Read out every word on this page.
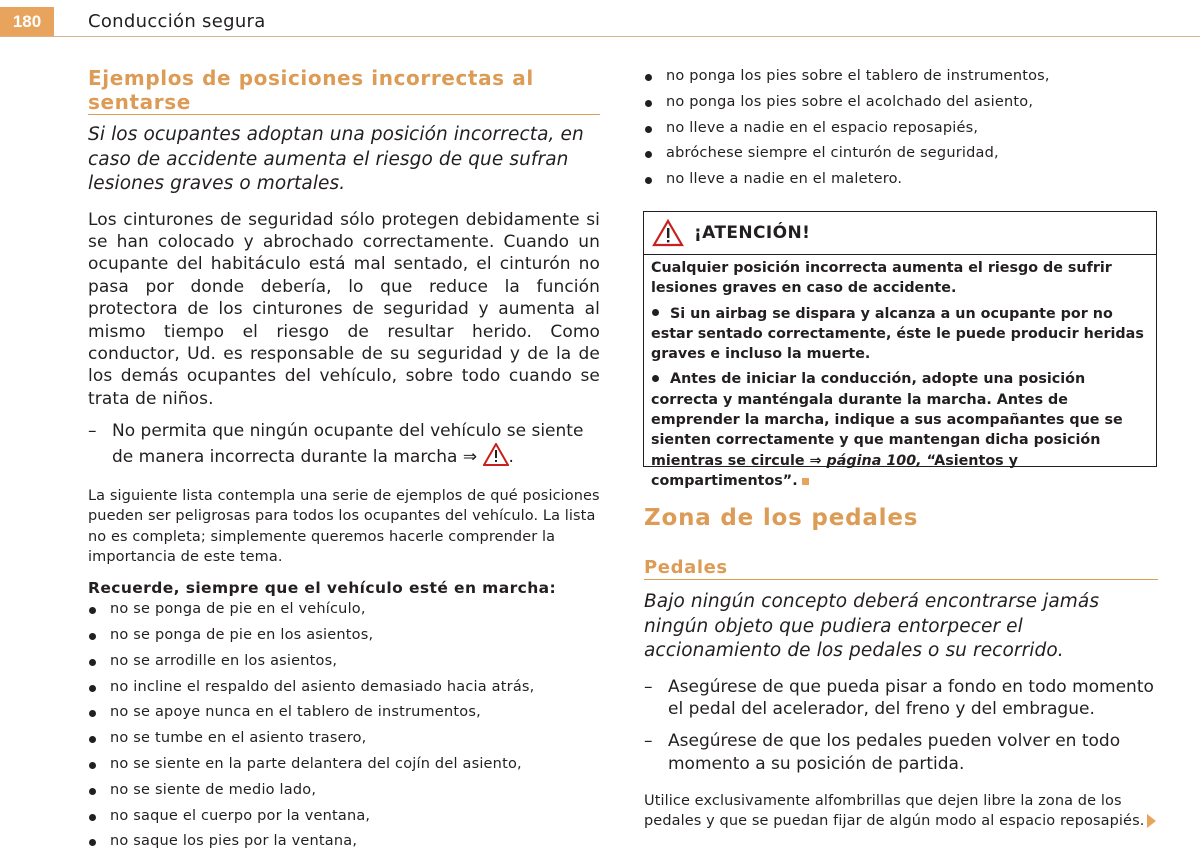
180	Conducción segura
Ejemplos de posiciones incorrectas al sentarse

Si los ocupantes adoptan una posición incorrecta, en caso de accidente aumenta el riesgo de que sufran lesiones graves o mortales.

Los cinturones de seguridad sólo protegen debidamente si se han colocado y abrochado correctamente. Cuando un ocupante del habitáculo está mal sentado, el cinturón no pasa por donde debería, lo que reduce la función protectora de los cinturones de seguridad y aumenta al mismo tiempo el riesgo de resultar herido. Como conductor, Ud. es responsable de su seguridad y de la de los demás ocupantes del vehículo, sobre todo cuando se trata de niños.

– No permita que ningún ocupante del vehículo se siente de manera incorrecta durante la marcha ⇒ .

La siguiente lista contempla una serie de ejemplos de qué posiciones pueden ser peligrosas para todos los ocupantes del vehículo. La lista no es completa; simplemente queremos hacerle comprender la importancia de este tema.

Recuerde, siempre que el vehículo esté en marcha:

no se ponga de pie en el vehículo,
no se ponga de pie en los asientos,
no se arrodille en los asientos,
no incline el respaldo del asiento demasiado hacia atrás,
no se apoye nunca en el tablero de instrumentos,
no se tumbe en el asiento trasero,
no se siente en la parte delantera del cojín del asiento,
no se siente de medio lado,
no saque el cuerpo por la ventana,
no saque los pies por la ventana,
no ponga los pies sobre el tablero de instrumentos,
no ponga los pies sobre el acolchado del asiento,
no lleve a nadie en el espacio reposapiés,
abróchese siempre el cinturón de seguridad,
no lleve a nadie en el maletero.
¡ATENCIÓN!

Cualquier posición incorrecta aumenta el riesgo de sufrir lesiones graves en caso de accidente.

Si un airbag se dispara y alcanza a un ocupante por no estar sentado correctamente, éste le puede producir heridas graves e incluso la muerte.

Antes de iniciar la conducción, adopte una posición correcta y manténgala durante la marcha. Antes de emprender la marcha, indique a sus acompañantes que se sienten correctamente y que mantengan dicha posición mientras se circule ⇒ página 100, “Asientos y compartimentos”.

Zona de los pedales
Pedales

Bajo ningún concepto deberá encontrarse jamás ningún objeto que pudiera entorpecer el accionamiento de los pedales o su recorrido.

– Asegúrese de que pueda pisar a fondo en todo momento el pedal del acelerador, del freno y del embrague.

– Asegúrese de que los pedales pueden volver en todo momento a su posición de partida.

Utilice exclusivamente alfombrillas que dejen libre la zona de los pedales y que se puedan fijar de algún modo al espacio reposapiés.
